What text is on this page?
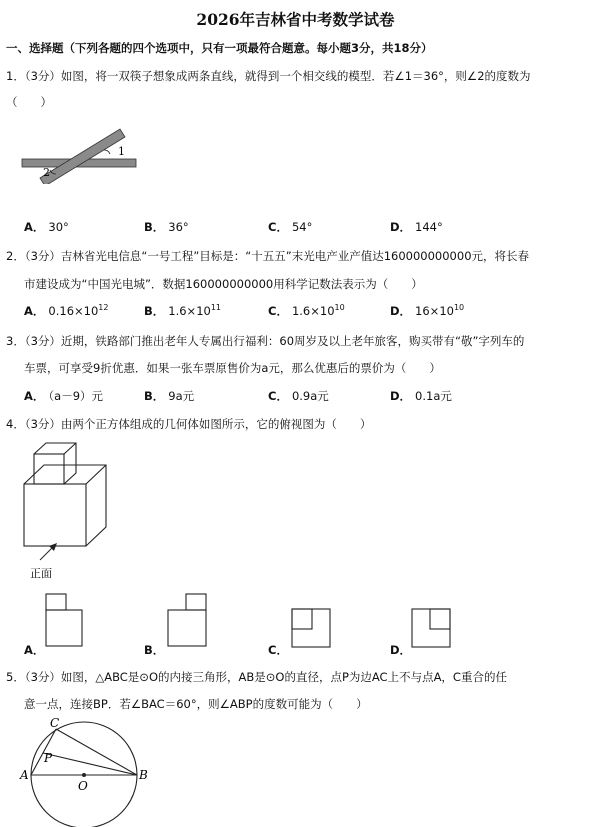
2026年吉林省中考数学试卷
一、选择题（下列各题的四个选项中，只有一项最符合题意。每小题3分，共18分）
1．（3分）如图，将一双筷子想象成两条直线，就得到一个相交线的模型．若∠1＝36°，则∠2的度数为
（　　）
1
2
A． 30°	B． 36°	C． 54°	D． 144°
2．（3分）吉林省光电信息“一号工程”目标是：“十五五”末光电产业产值达160000000000元，将长春
市建设成为“中国光电城”．数据160000000000用科学记数法表示为（　　）
A． $0.16\times 10^{12}$	B． $1.6\times 10^{11}$	C． $1.6\times 10^{10}$	D． $16\times 10^{10}$
3．（3分）近期，铁路部门推出老年人专属出行福利：60周岁及以上老年旅客，购买带有“敬”字列车的
车票，可享受9折优惠．如果一张车票原售价为a元，那么优惠后的票价为（　　）
A． （a－9）元	B． 9a元	C． 0.9a元	D． 0.1a元
4．（3分）由两个正方体组成的几何体如图所示，它的俯视图为（　　）
正面
A．	B．	C．	D．
5．（3分）如图，△ABC是⊙O的内接三角形，AB是⊙O的直径，点P为边AC上不与点A，C重合的任
意一点，连接BP．若∠BAC＝60°，则∠ABP的度数可能为（　　）
A	B
C
P
O
